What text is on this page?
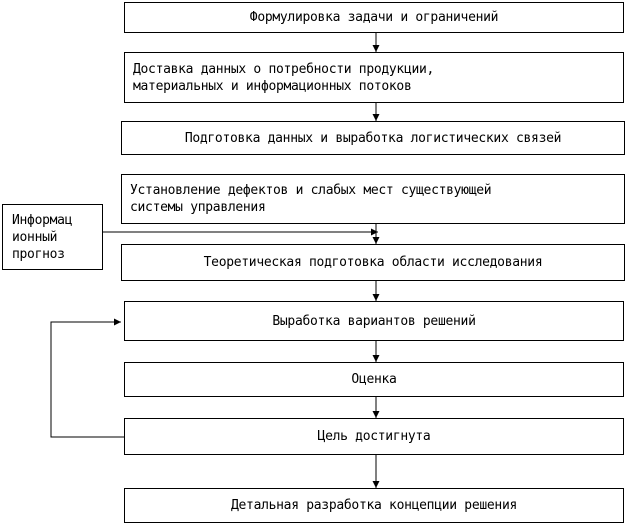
Формулировка задачи и ограничений
Доставка данных о потребности продукции,
материальных и информационных потоков
Подготовка данных и выработка логистических связей
Установление дефектов и слабых мест существующей
системы управления
Информац
ионный
прогноз
Теоретическая подготовка области исследования
Выработка вариантов решений
Оценка
Цель достигнута
Детальная разработка концепции решения
